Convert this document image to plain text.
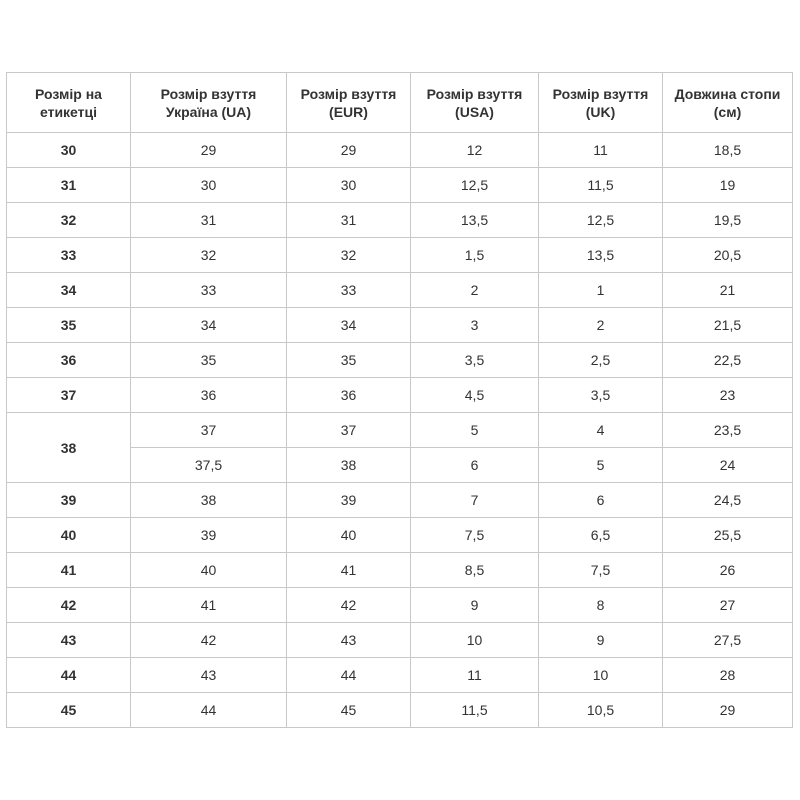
Розмір на етикетці	Розмір взуття Україна (UA)	Розмір взуття (EUR)	Розмір взуття (USA)	Розмір взуття (UK)	Довжина стопи (см)
30	29	29	12	11	18,5
31	30	30	12,5	11,5	19
32	31	31	13,5	12,5	19,5
33	32	32	1,5	13,5	20,5
34	33	33	2	1	21
35	34	34	3	2	21,5
36	35	35	3,5	2,5	22,5
37	36	36	4,5	3,5	23
38	37	37	5	4	23,5
	37,5	38	6	5	24
39	38	39	7	6	24,5
40	39	40	7,5	6,5	25,5
41	40	41	8,5	7,5	26
42	41	42	9	8	27
43	42	43	10	9	27,5
44	43	44	11	10	28
45	44	45	11,5	10,5	29
